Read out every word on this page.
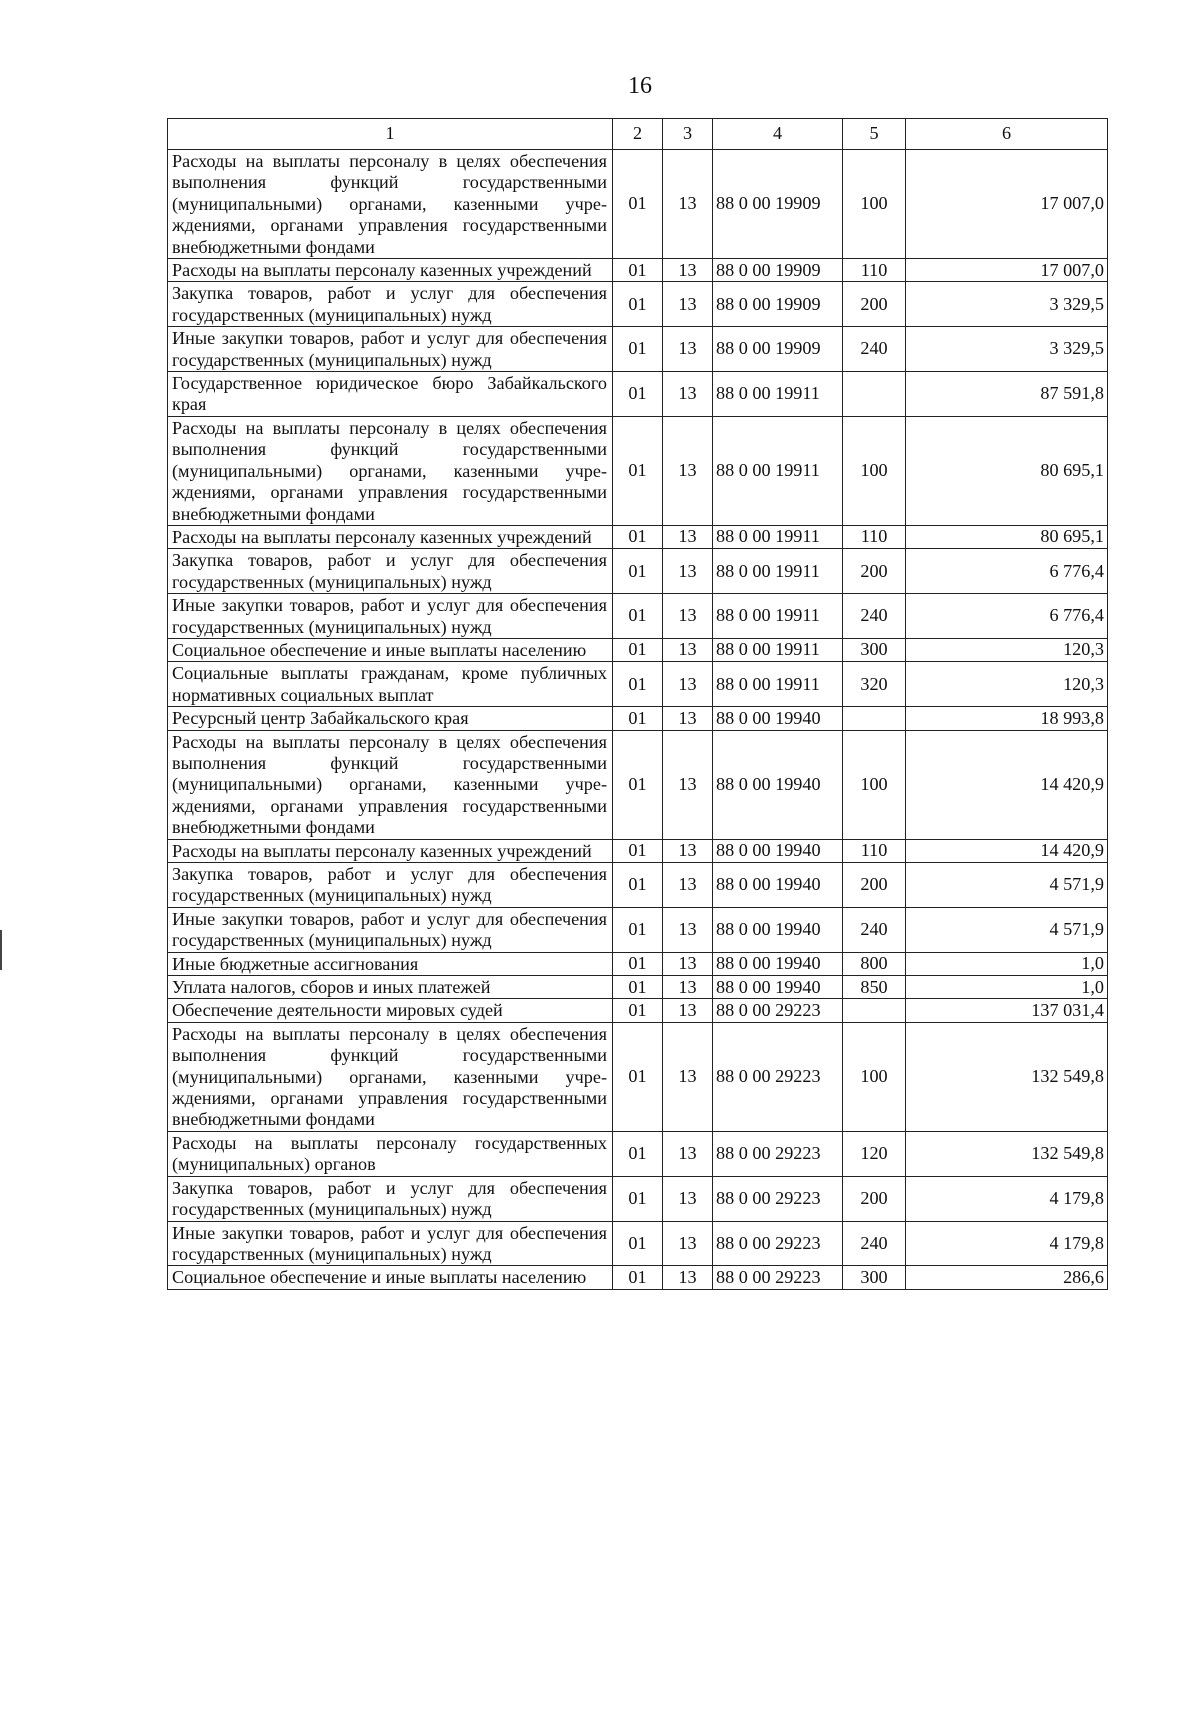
16
1	2	3	4	5	6
Расходы на выплаты персоналу в целях обеспечения выполнения функций государственными (муниципальными) органами, казенными учреждениями, органами управления государственными внебюджетными фондами	01	13	88 0 00 19909	100	17 007,0
Расходы на выплаты персоналу казенных учреждений	01	13	88 0 00 19909	110	17 007,0
Закупка товаров, работ и услуг для обеспечения государственных (муниципальных) нужд	01	13	88 0 00 19909	200	3 329,5
Иные закупки товаров, работ и услуг для обеспечения государственных (муниципальных) нужд	01	13	88 0 00 19909	240	3 329,5
Государственное юридическое бюро Забайкальского края	01	13	88 0 00 19911		87 591,8
Расходы на выплаты персоналу в целях обеспечения выполнения функций государственными (муниципальными) органами, казенными учреждениями, органами управления государственными внебюджетными фондами	01	13	88 0 00 19911	100	80 695,1
Расходы на выплаты персоналу казенных учреждений	01	13	88 0 00 19911	110	80 695,1
Закупка товаров, работ и услуг для обеспечения государственных (муниципальных) нужд	01	13	88 0 00 19911	200	6 776,4
Иные закупки товаров, работ и услуг для обеспечения государственных (муниципальных) нужд	01	13	88 0 00 19911	240	6 776,4
Социальное обеспечение и иные выплаты населению	01	13	88 0 00 19911	300	120,3
Социальные выплаты гражданам, кроме публичных нормативных социальных выплат	01	13	88 0 00 19911	320	120,3
Ресурсный центр Забайкальского края	01	13	88 0 00 19940		18 993,8
Расходы на выплаты персоналу в целях обеспечения выполнения функций государственными (муниципальными) органами, казенными учреждениями, органами управления государственными внебюджетными фондами	01	13	88 0 00 19940	100	14 420,9
Расходы на выплаты персоналу казенных учреждений	01	13	88 0 00 19940	110	14 420,9
Закупка товаров, работ и услуг для обеспечения государственных (муниципальных) нужд	01	13	88 0 00 19940	200	4 571,9
Иные закупки товаров, работ и услуг для обеспечения государственных (муниципальных) нужд	01	13	88 0 00 19940	240	4 571,9
Иные бюджетные ассигнования	01	13	88 0 00 19940	800	1,0
Уплата налогов, сборов и иных платежей	01	13	88 0 00 19940	850	1,0
Обеспечение деятельности мировых судей	01	13	88 0 00 29223		137 031,4
Расходы на выплаты персоналу в целях обеспечения выполнения функций государственными (муниципальными) органами, казенными учреждениями, органами управления государственными внебюджетными фондами	01	13	88 0 00 29223	100	132 549,8
Расходы на выплаты персоналу государственных (муниципальных) органов	01	13	88 0 00 29223	120	132 549,8
Закупка товаров, работ и услуг для обеспечения государственных (муниципальных) нужд	01	13	88 0 00 29223	200	4 179,8
Иные закупки товаров, работ и услуг для обеспечения государственных (муниципальных) нужд	01	13	88 0 00 29223	240	4 179,8
Социальное обеспечение и иные выплаты населению	01	13	88 0 00 29223	300	286,6
